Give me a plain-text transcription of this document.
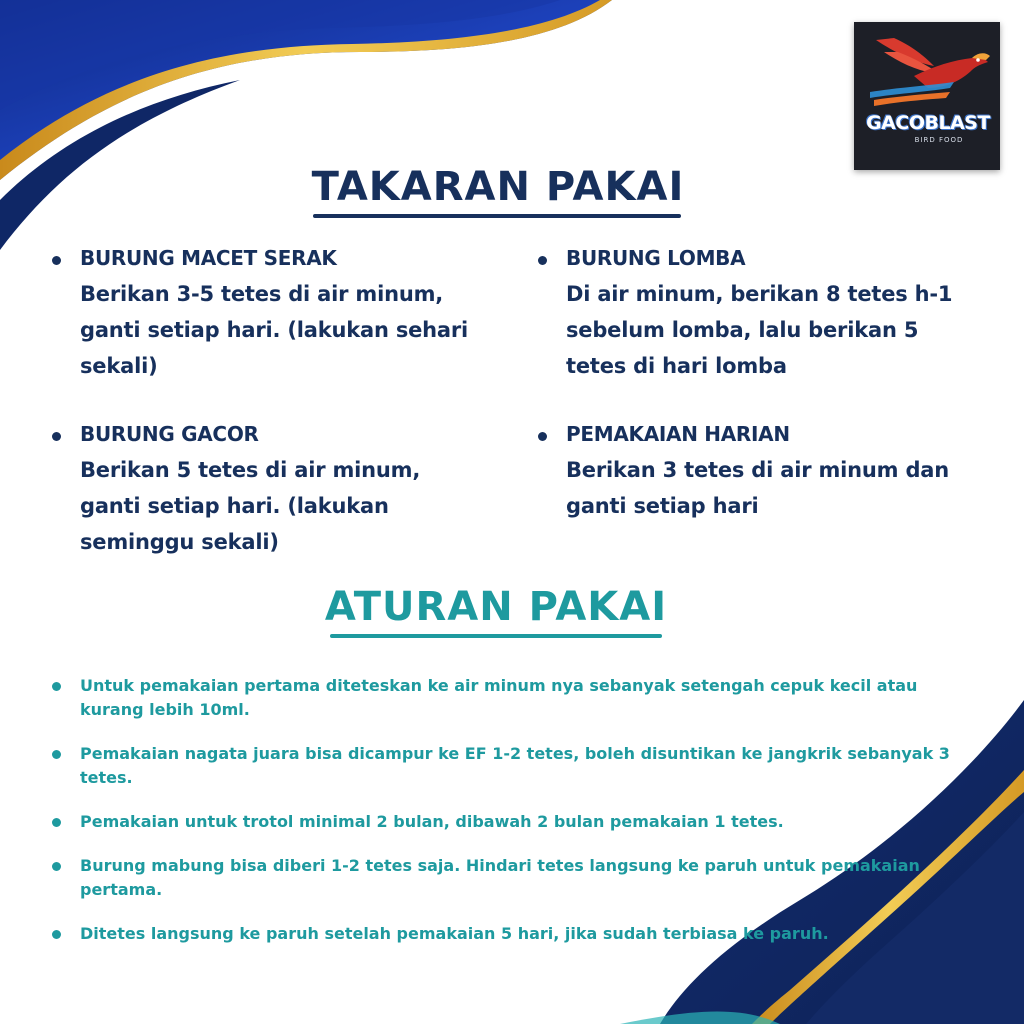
GACOBLAST
BIRD FOOD
TAKARAN PAKAI
BURUNG MACET SERAK
Berikan 3-5 tetes di air minum, ganti setiap hari. (lakukan sehari sekali)
BURUNG LOMBA
Di air minum, berikan 8 tetes h-1 sebelum lomba, lalu berikan 5 tetes di hari lomba
BURUNG GACOR
Berikan 5 tetes di air minum, ganti setiap hari. (lakukan seminggu sekali)
PEMAKAIAN HARIAN
Berikan 3 tetes di air minum dan ganti setiap hari
ATURAN PAKAI
Untuk pemakaian pertama diteteskan ke air minum nya sebanyak setengah cepuk kecil atau kurang lebih 10ml.
Pemakaian nagata juara bisa dicampur ke EF 1-2 tetes, boleh disuntikan ke jangkrik sebanyak 3 tetes.
Pemakaian untuk trotol minimal 2 bulan, dibawah 2 bulan pemakaian 1 tetes.
Burung mabung bisa diberi 1-2 tetes saja. Hindari tetes langsung ke paruh untuk pemakaian pertama.
Ditetes langsung ke paruh setelah pemakaian 5 hari, jika sudah terbiasa ke paruh.
